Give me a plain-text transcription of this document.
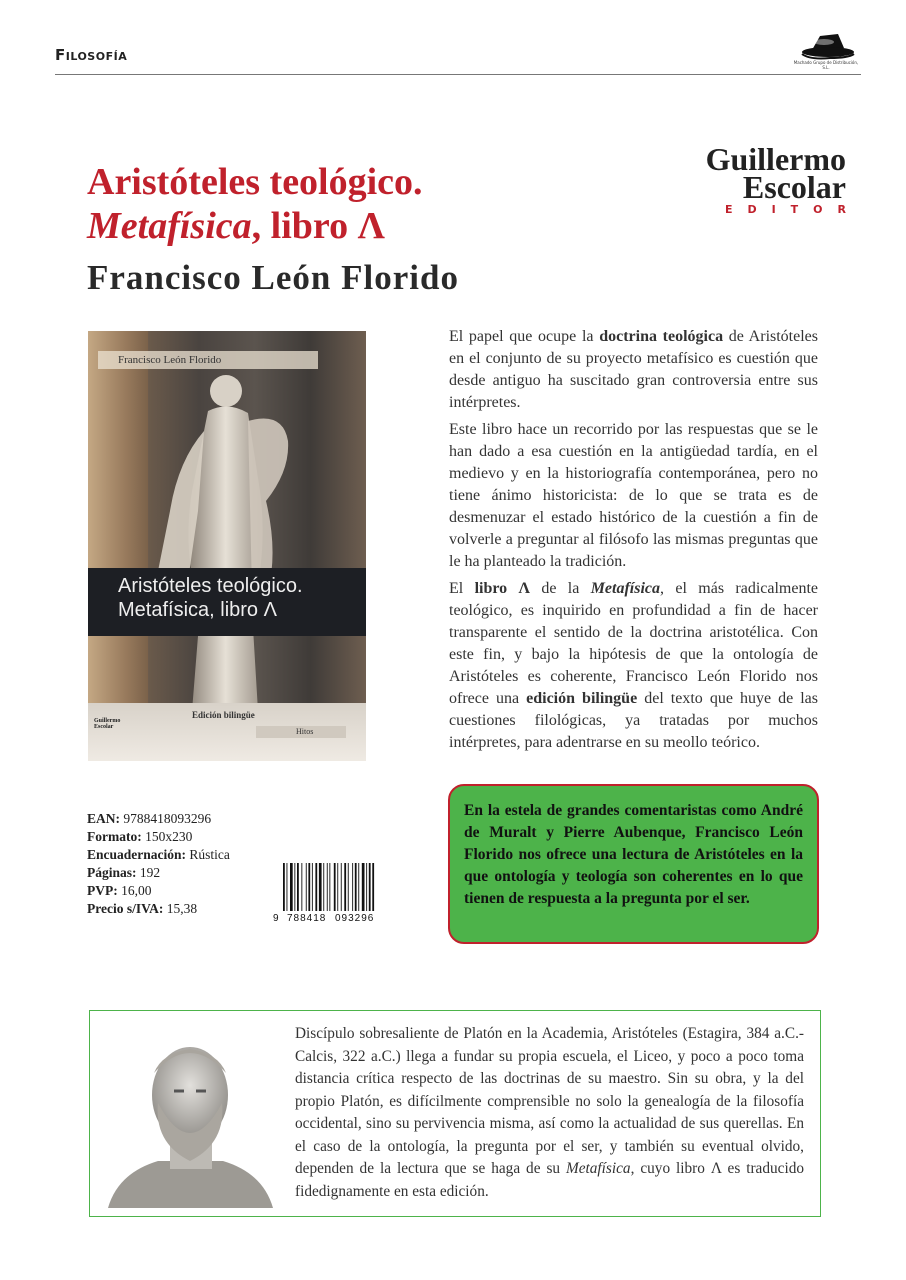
Filosofía	Machado Grupo de Distribución, S.L.
Aristóteles teológico.
Metafísica, libro Λ
Francisco León Florido
Guillermo
Escolar
EDITOR
Francisco León Florido
Aristóteles teológico.
Metafísica, libro Λ
Edición bilingüe
Guillermo
Escolar	Hitos

El papel que ocupe la doctrina teológica de Aristóteles en el conjunto de su proyecto metafísico es cuestión que desde antiguo ha suscitado gran controversia entre sus intérpretes.

Este libro hace un recorrido por las respuestas que se le han dado a esa cuestión en la antigüedad tardía, en el medievo y en la historiografía contemporánea, pero no tiene ánimo historicista: de lo que se trata es de desmenuzar el estado histórico de la cuestión a fin de volverle a preguntar al filósofo las mismas preguntas que le ha planteado la tradición.

El libro Λ de la Metafísica, el más radicalmente teológico, es inquirido en profundidad a fin de hacer transparente el sentido de la doctrina aristotélica. Con este fin, y bajo la hipótesis de que la ontología de Aristóteles es coherente, Francisco León Florido nos ofrece una edición bilingüe del texto que huye de las cuestiones filológicas, ya tratadas por muchos intérpretes, para adentrarse en su meollo teórico.

EAN: 9788418093296
Formato: 150x230
Encuadernación: Rústica
Páginas: 192
PVP: 16,00
Precio s/IVA: 15,38
9 788418 093296
En la estela de grandes comentaristas como André de Muralt y Pierre Aubenque, Francisco León Florido nos ofrece una lectura de Aristóteles en la que ontología y teología son coherentes en lo que tienen de respuesta a la pregunta por el ser.
Discípulo sobresaliente de Platón en la Academia, Aristóteles (Estagira, 384 a.C.-Calcis, 322 a.C.) llega a fundar su propia escuela, el Liceo, y poco a poco toma distancia crítica respecto de las doctrinas de su maestro. Sin su obra, y la del propio Platón, es difícilmente comprensible no solo la genealogía de la filosofía occidental, sino su pervivencia misma, así como la actualidad de sus querellas. En el caso de la ontología, la pregunta por el ser, y también su eventual olvido, dependen de la lectura que se haga de su Metafísica, cuyo libro Λ es traducido fidedignamente en esta edición.
